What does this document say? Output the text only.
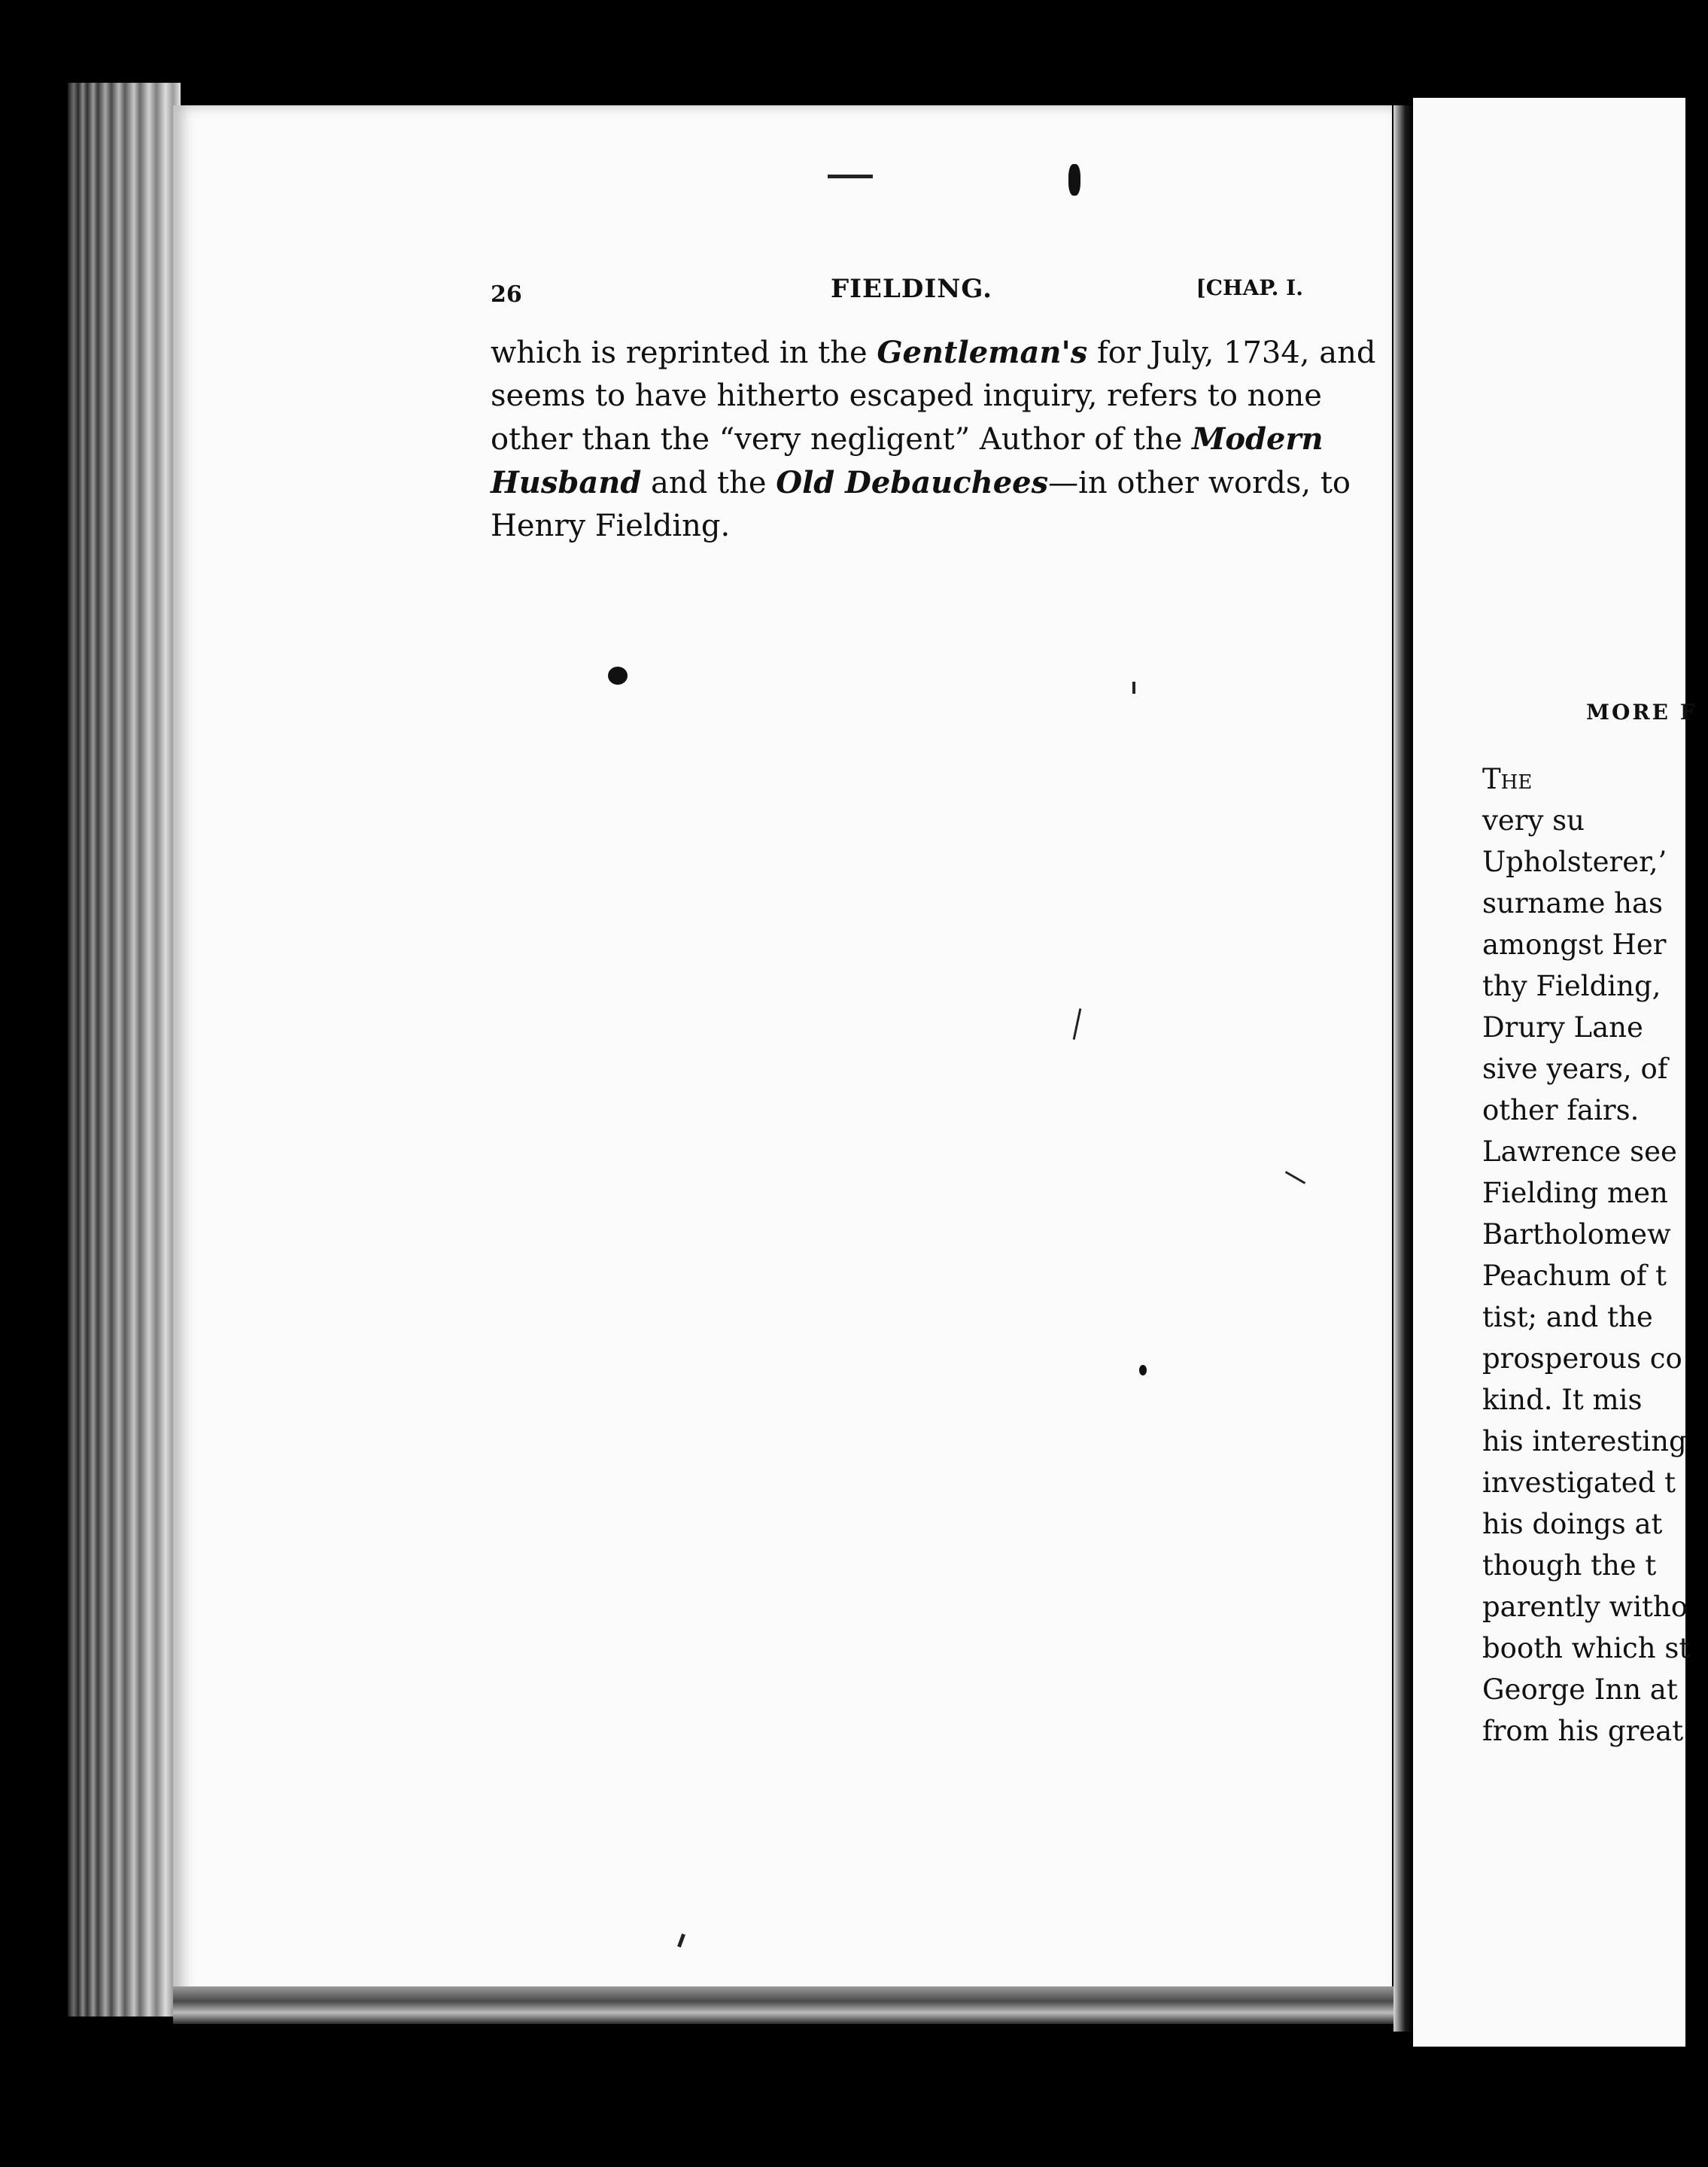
26	FIELDING.	[CHAP. I.
which is reprinted in the Gentleman's for July, 1734, and
seems to have hitherto escaped inquiry, refers to none
other than the “very negligent” Author of the Modern
Husband and the Old Debauchees—in other words, to
Henry Fielding.
MORE F
The
very su
Upholsterer,’
surname has
amongst Her
thy Fielding,
Drury Lane
sive years, of
other fairs.
Lawrence see
Fielding men
Bartholomew
Peachum of t
tist; and the
prosperous co
kind. It mis
his interesting
investigated t
his doings at
though the t
parently witho
booth which st
George Inn at
from his great
